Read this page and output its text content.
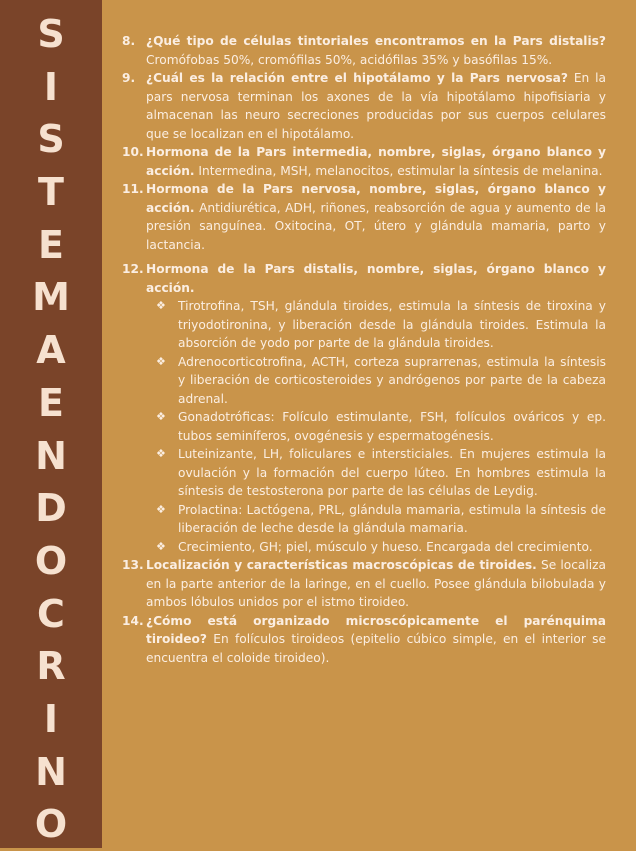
S
I
S
T
E
M
A
E
N
D
O
C
R
I
N
O
8. ¿Qué tipo de células tintoriales encontramos en la Pars distalis? Cromófobas 50%, cromófilas 50%, acidófilas 35% y basófilas 15%.
9. ¿Cuál es la relación entre el hipotálamo y la Pars nervosa? En la pars nervosa terminan los axones de la vía hipotálamo hipofisiaria y almacenan las neuro secreciones producidas por sus cuerpos celulares que se localizan en el hipotálamo.
10. Hormona de la Pars intermedia, nombre, siglas, órgano blanco y acción. Intermedina, MSH, melanocitos, estimular la síntesis de melanina.
11. Hormona de la Pars nervosa, nombre, siglas, órgano blanco y acción. Antidiurética, ADH, riñones, reabsorción de agua y aumento de la presión sanguínea. Oxitocina, OT, útero y glándula mamaria, parto y lactancia.
12. Hormona de la Pars distalis, nombre, siglas, órgano blanco y acción.
❖ Tirotrofina, TSH, glándula tiroides, estimula la síntesis de tiroxina y triyodotironina, y liberación desde la glándula tiroides. Estimula la absorción de yodo por parte de la glándula tiroides.
❖ Adrenocorticotrofina, ACTH, corteza suprarrenas, estimula la síntesis y liberación de corticosteroides y andrógenos por parte de la cabeza adrenal.
❖ Gonadotróficas: Folículo estimulante, FSH, folículos ováricos y ep. tubos seminíferos, ovogénesis y espermatogénesis.
❖ Luteinizante, LH, foliculares e intersticiales. En mujeres estimula la ovulación y la formación del cuerpo lúteo. En hombres estimula la síntesis de testosterona por parte de las células de Leydig.
❖ Prolactina: Lactógena, PRL, glándula mamaria, estimula la síntesis de liberación de leche desde la glándula mamaria.
❖ Crecimiento, GH; piel, músculo y hueso. Encargada del crecimiento.
13. Localización y características macroscópicas de tiroides. Se localiza en la parte anterior de la laringe, en el cuello. Posee glándula bilobulada y ambos lóbulos unidos por el istmo tiroideo.
14. ¿Cómo está organizado microscópicamente el parénquima tiroideo? En folículos tiroideos (epitelio cúbico simple, en el interior se encuentra el coloide tiroideo).
